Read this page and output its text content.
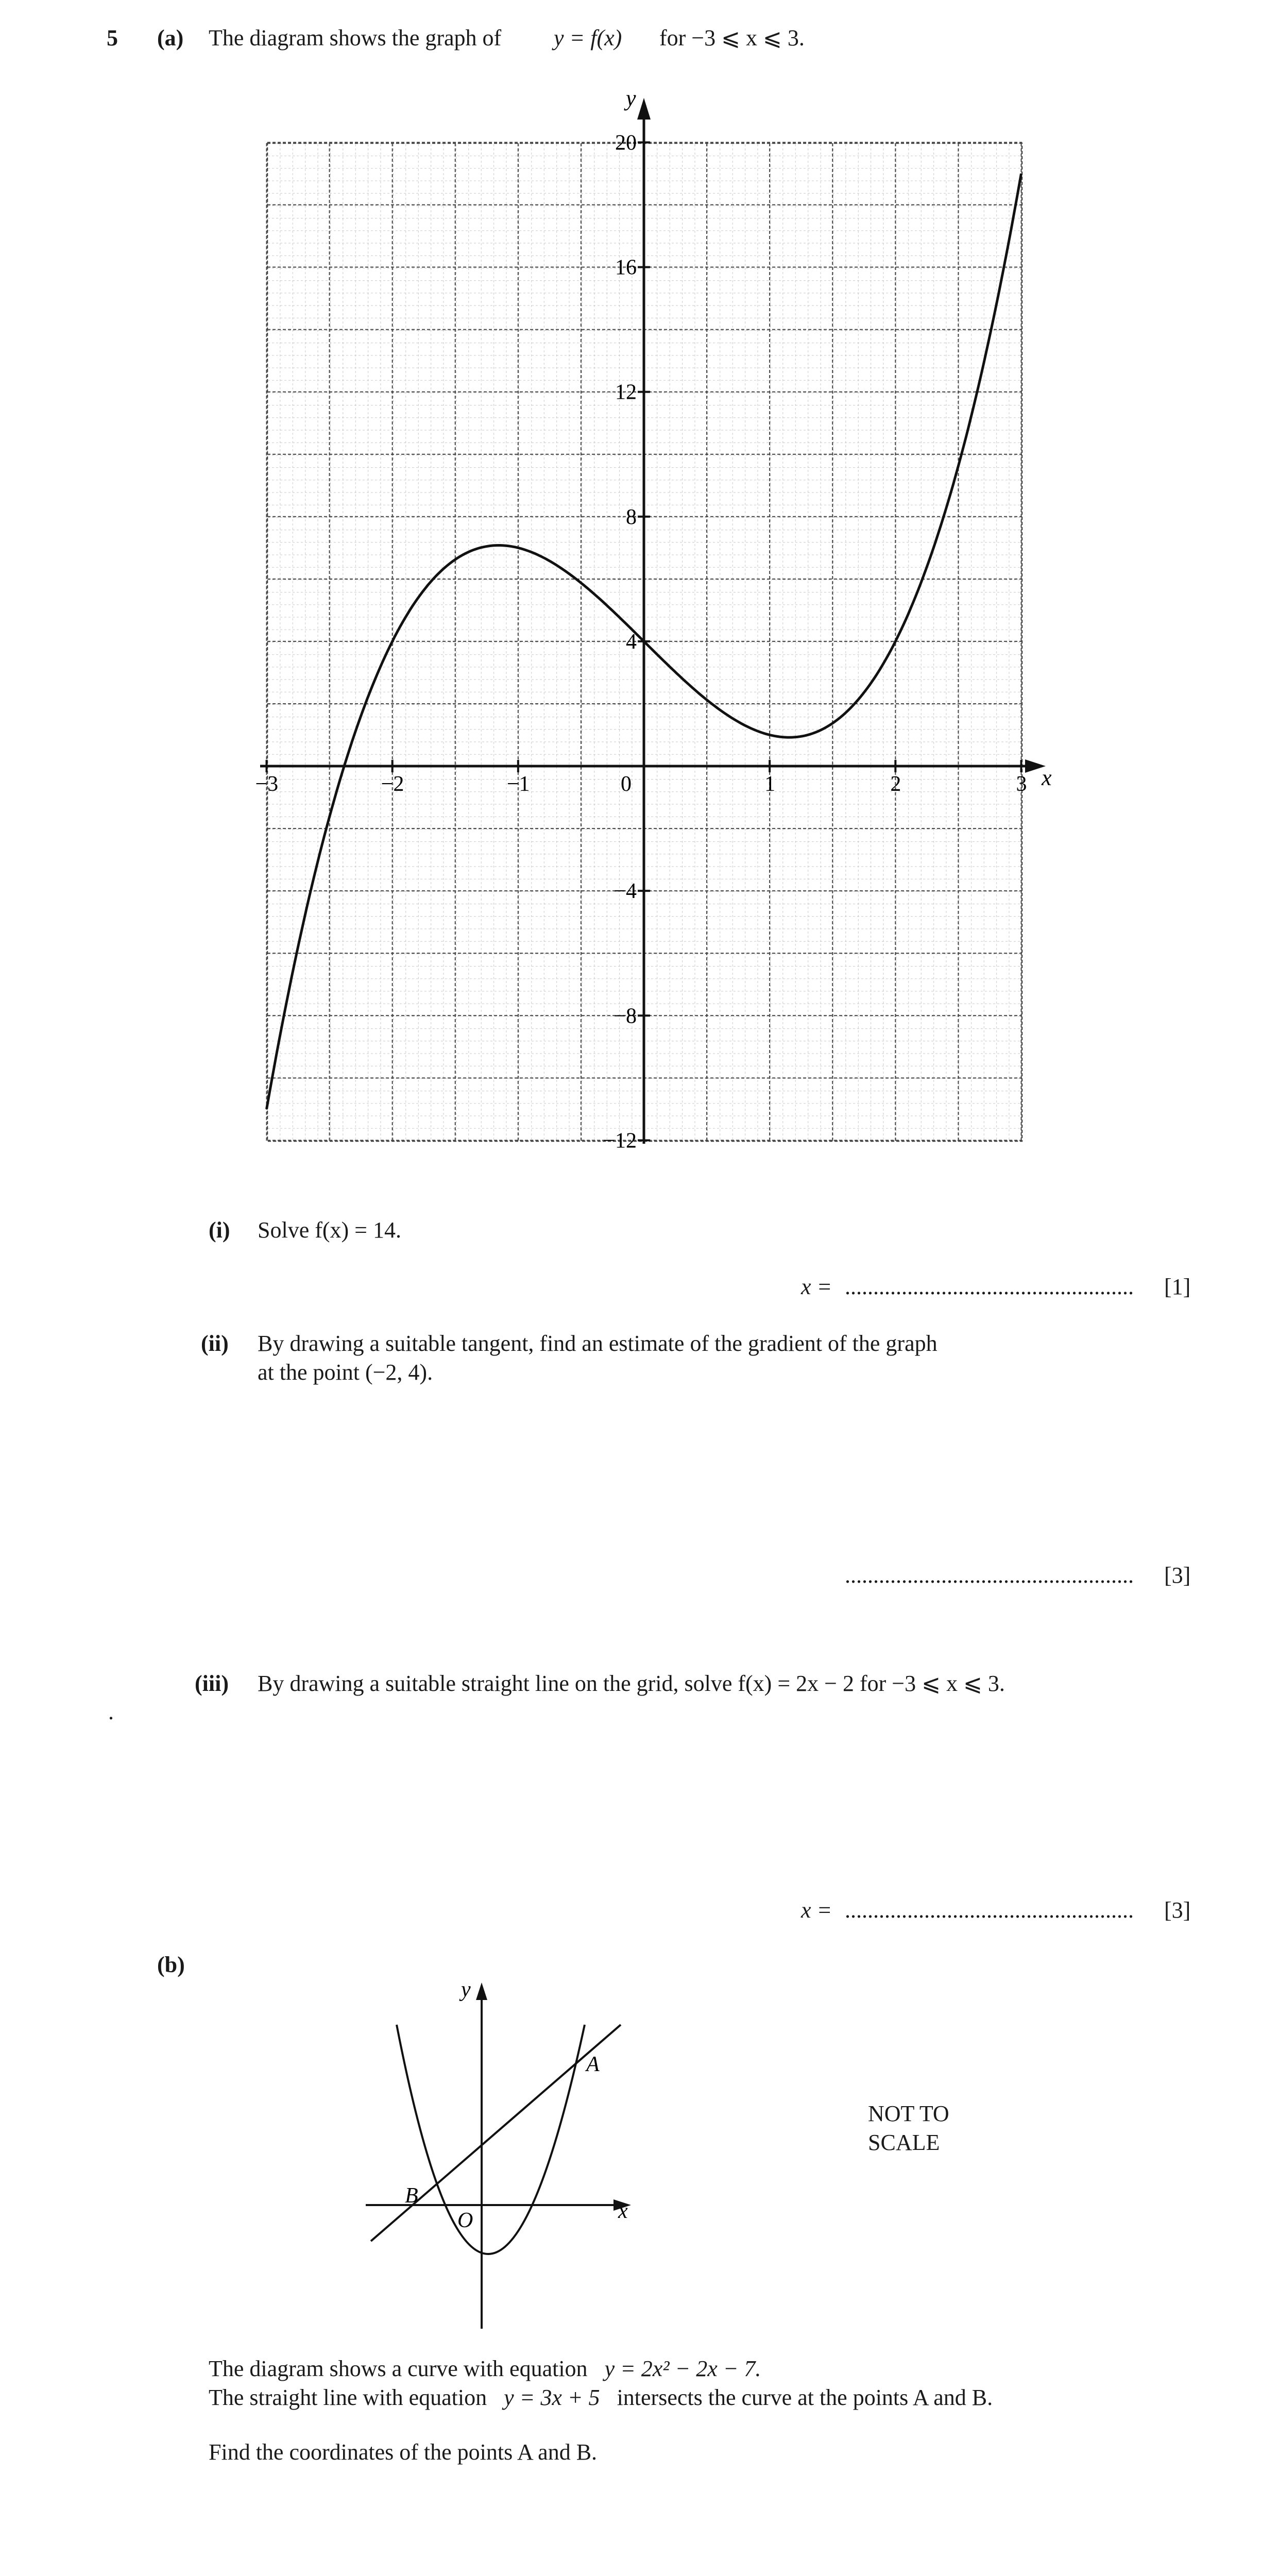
5 (a) The diagram shows the graph of y = f(x) for −3 ⩽ x ⩽ 3.
y
x
0
−3	−2	−1	1	2	3
20
16
12
8
4
−4
−8
−12
(i) Solve f(x) = 14.
x = ................................................... [1]
(ii) By drawing a suitable tangent, find an estimate of the gradient of the graph
at the point (−2, 4).
................................................... [3]
(iii) By drawing a suitable straight line on the grid, solve f(x) = 2x − 2 for −3 ⩽ x ⩽ 3.
.
x = ................................................... [3]
(b)
y
x
O
A
B
NOT TO
SCALE
The diagram shows a curve with equation y = 2x² − 2x − 7.
The straight line with equation y = 3x + 5 intersects the curve at the points A and B.
Find the coordinates of the points A and B.
